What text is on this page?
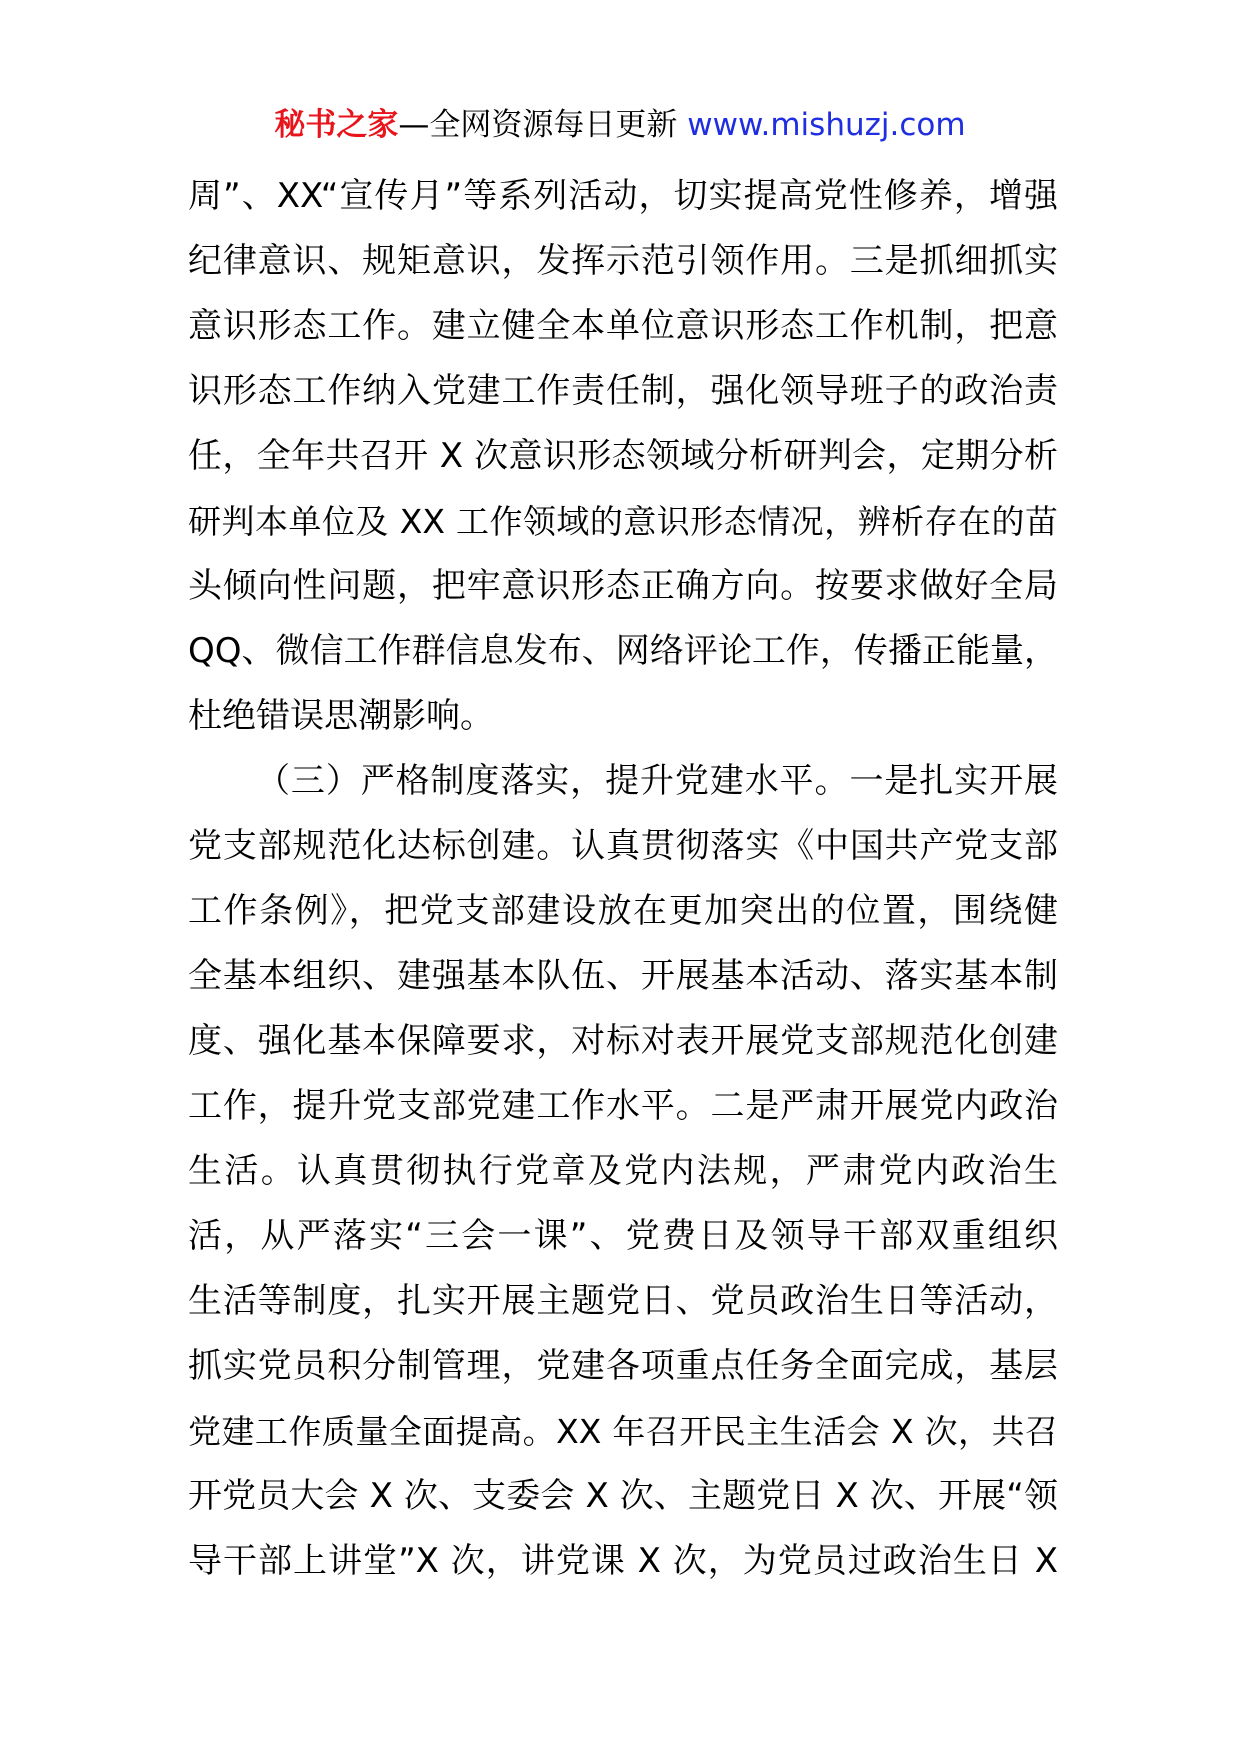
秘书之家—全网资源每日更新 www.mishuzj.com
周”、XX“宣传月”等系列活动，切实提高党性修养，增强
纪律意识、规矩意识，发挥示范引领作用。三是抓细抓实
意识形态工作。建立健全本单位意识形态工作机制，把意
识形态工作纳入党建工作责任制，强化领导班子的政治责
任，全年共召开 X 次意识形态领域分析研判会，定期分析
研判本单位及 XX 工作领域的意识形态情况，辨析存在的苗
头倾向性问题，把牢意识形态正确方向。按要求做好全局
QQ、微信工作群信息发布、网络评论工作，传播正能量，
杜绝错误思潮影响。
（三）严格制度落实，提升党建水平。一是扎实开展
党支部规范化达标创建。认真贯彻落实《中国共产党支部
工作条例》，把党支部建设放在更加突出的位置，围绕健
全基本组织、建强基本队伍、开展基本活动、落实基本制
度、强化基本保障要求，对标对表开展党支部规范化创建
工作，提升党支部党建工作水平。二是严肃开展党内政治
生活。认真贯彻执行党章及党内法规，严肃党内政治生
活，从严落实“三会一课”、党费日及领导干部双重组织
生活等制度，扎实开展主题党日、党员政治生日等活动，
抓实党员积分制管理，党建各项重点任务全面完成，基层
党建工作质量全面提高。XX 年召开民主生活会 X 次，共召
开党员大会 X 次、支委会 X 次、主题党日 X 次、开展“领
导干部上讲堂”X 次，讲党课 X 次，为党员过政治生日 X
